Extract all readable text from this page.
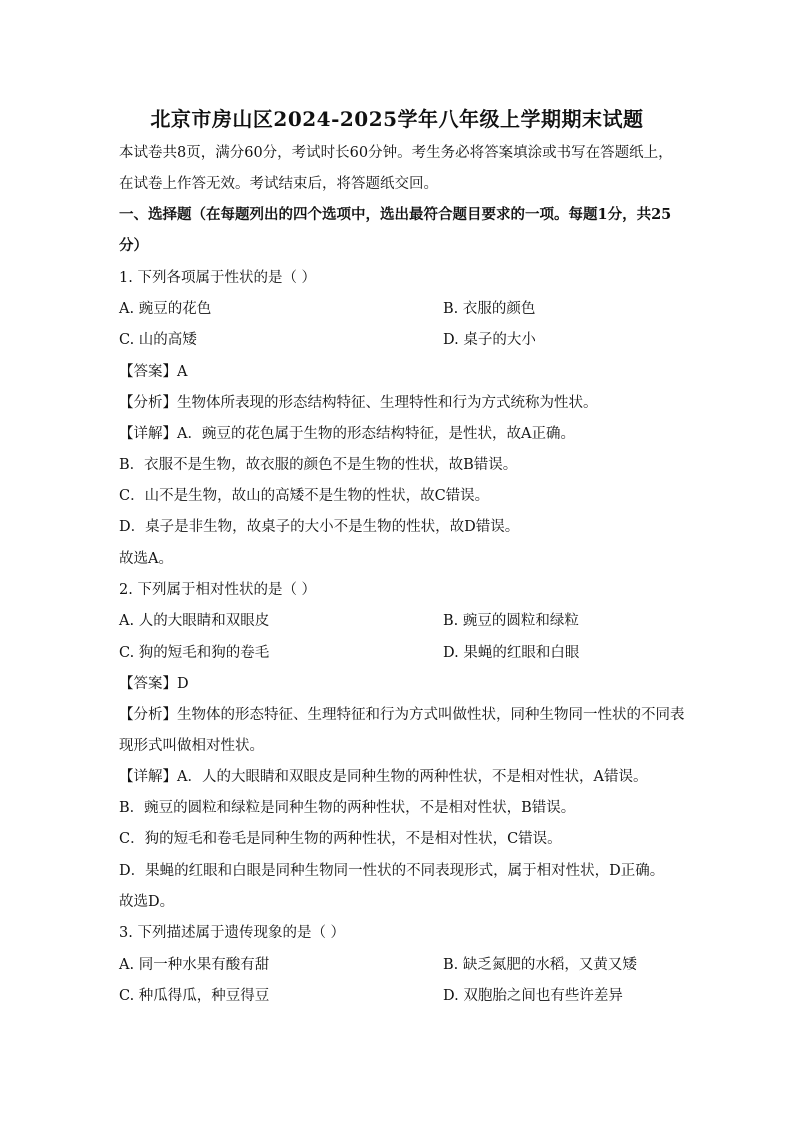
北京市房山区2024-2025学年八年级上学期期末试题
本试卷共8页，满分60分，考试时长60分钟。考生务必将答案填涂或书写在答题纸上，
在试卷上作答无效。考试结束后，将答题纸交回。
一、选择题（在每题列出的四个选项中，选出最符合题目要求的一项。每题1分，共25
分）
1. 下列各项属于性状的是（ ）
A. 豌豆的花色	B. 衣服的颜色
C. 山的高矮	D. 桌子的大小
【答案】A
【分析】生物体所表现的形态结构特征、生理特性和行为方式统称为性状。
【详解】A．豌豆的花色属于生物的形态结构特征，是性状，故A正确。
B．衣服不是生物，故衣服的颜色不是生物的性状，故B错误。
C．山不是生物，故山的高矮不是生物的性状，故C错误。
D．桌子是非生物，故桌子的大小不是生物的性状，故D错误。
故选A。
2. 下列属于相对性状的是（ ）
A. 人的大眼睛和双眼皮	B. 豌豆的圆粒和绿粒
C. 狗的短毛和狗的卷毛	D. 果蝇的红眼和白眼
【答案】D
【分析】生物体的形态特征、生理特征和行为方式叫做性状，同种生物同一性状的不同表
现形式叫做相对性状。
【详解】A．人的大眼睛和双眼皮是同种生物的两种性状，不是相对性状，A错误。
B．豌豆的圆粒和绿粒是同种生物的两种性状，不是相对性状，B错误。
C．狗的短毛和卷毛是同种生物的两种性状，不是相对性状，C错误。
D．果蝇的红眼和白眼是同种生物同一性状的不同表现形式，属于相对性状，D正确。
故选D。
3. 下列描述属于遗传现象的是（ ）
A. 同一种水果有酸有甜	B. 缺乏氮肥的水稻，又黄又矮
C. 种瓜得瓜，种豆得豆	D. 双胞胎之间也有些许差异
